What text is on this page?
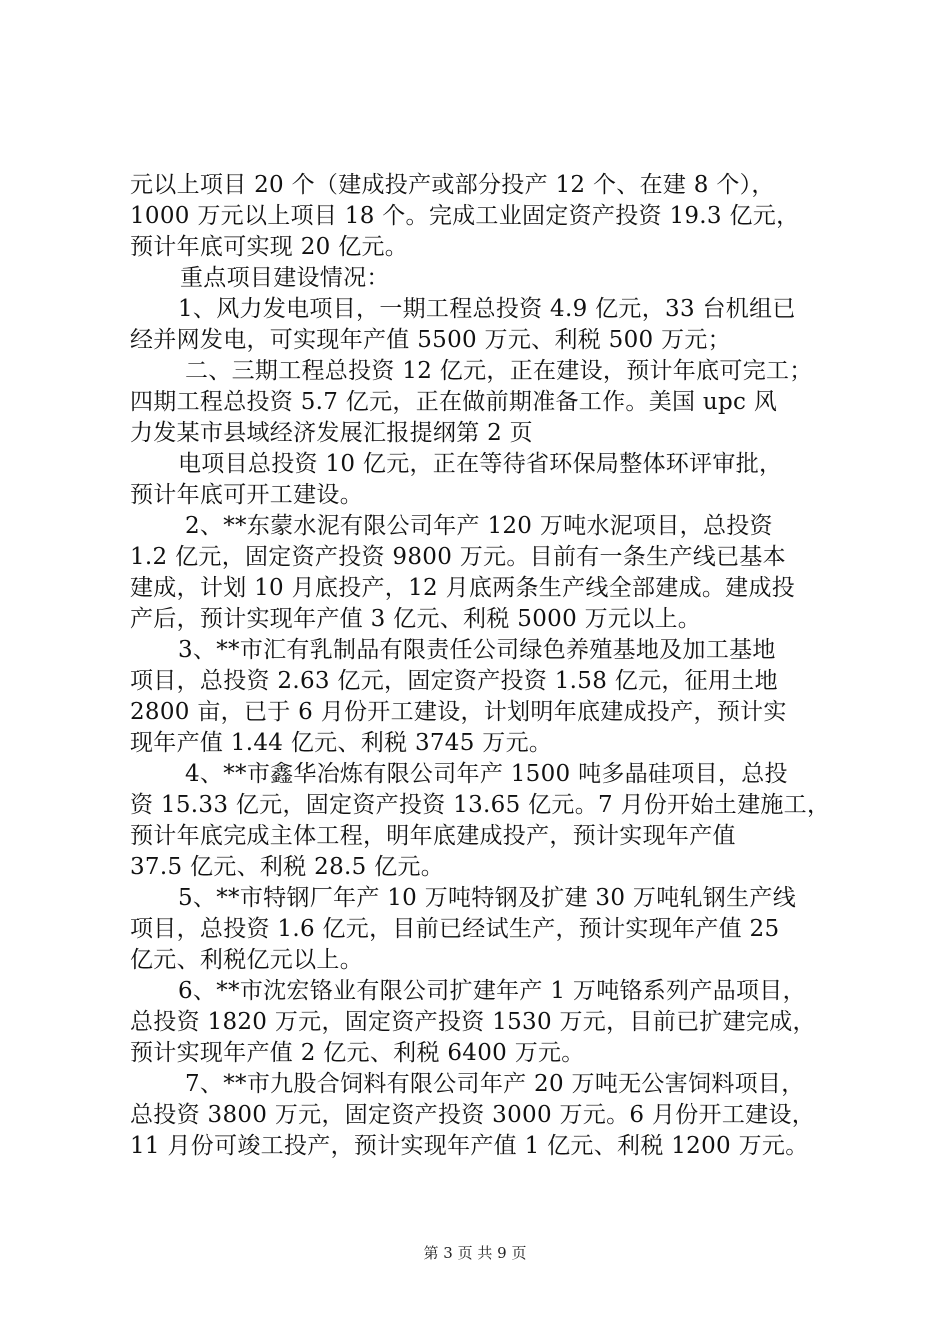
元以上项目 20 个（建成投产或部分投产 12 个、在建 8 个），
1000 万元以上项目 18 个。完成工业固定资产投资 19.3 亿元，
预计年底可实现 20 亿元。
重点项目建设情况：
1、风力发电项目，一期工程总投资 4.9 亿元，33 台机组已
经并网发电，可实现年产值 5500 万元、利税 500 万元；
二、三期工程总投资 12 亿元，正在建设，预计年底可完工；
四期工程总投资 5.7 亿元，正在做前期准备工作。美国 upc 风
力发某市县域经济发展汇报提纲第 2 页
电项目总投资 10 亿元，正在等待省环保局整体环评审批，
预计年底可开工建设。
2、**东蒙水泥有限公司年产 120 万吨水泥项目，总投资
1.2 亿元，固定资产投资 9800 万元。目前有一条生产线已基本
建成，计划 10 月底投产，12 月底两条生产线全部建成。建成投
产后，预计实现年产值 3 亿元、利税 5000 万元以上。
3、**市汇有乳制品有限责任公司绿色养殖基地及加工基地
项目，总投资 2.63 亿元，固定资产投资 1.58 亿元，征用土地
2800 亩，已于 6 月份开工建设，计划明年底建成投产，预计实
现年产值 1.44 亿元、利税 3745 万元。
4、**市鑫华冶炼有限公司年产 1500 吨多晶硅项目，总投
资 15.33 亿元，固定资产投资 13.65 亿元。7 月份开始土建施工，
预计年底完成主体工程，明年底建成投产，预计实现年产值
37.5 亿元、利税 28.5 亿元。
5、**市特钢厂年产 10 万吨特钢及扩建 30 万吨轧钢生产线
项目，总投资 1.6 亿元，目前已经试生产，预计实现年产值 25
亿元、利税亿元以上。
6、**市沈宏铬业有限公司扩建年产 1 万吨铬系列产品项目，
总投资 1820 万元，固定资产投资 1530 万元，目前已扩建完成，
预计实现年产值 2 亿元、利税 6400 万元。
7、**市九股合饲料有限公司年产 20 万吨无公害饲料项目，
总投资 3800 万元，固定资产投资 3000 万元。6 月份开工建设，
11 月份可竣工投产，预计实现年产值 1 亿元、利税 1200 万元。
第 3 页 共 9 页
